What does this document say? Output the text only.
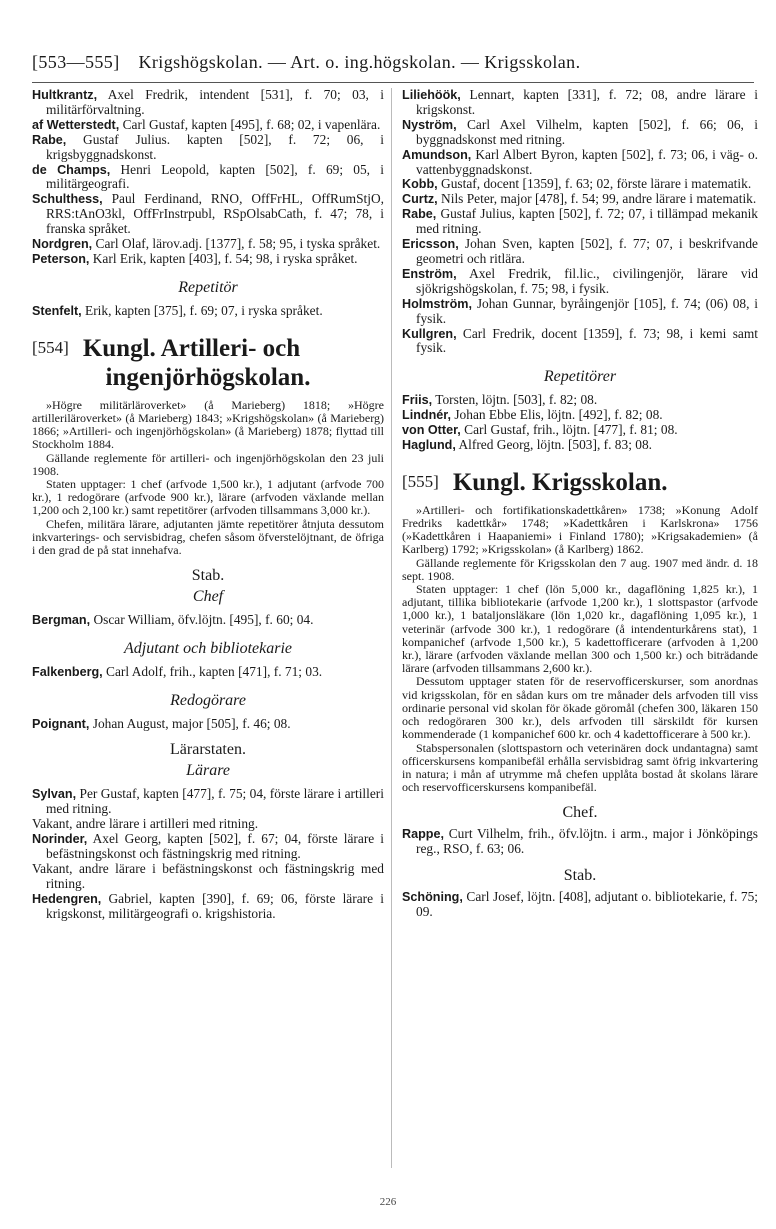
[553—555] Krigshögskolan. — Art. o. ing.högskolan. — Krigsskolan.

Hultkrantz, Axel Fredrik, intendent [531], f. 70; 03, i militärförvaltning.

af Wetterstedt, Carl Gustaf, kapten [495], f. 68; 02, i vapenlära.

Rabe, Gustaf Julius. kapten [502], f. 72; 06, i krigsbyggnadskonst.

de Champs, Henri Leopold, kapten [502], f. 69; 05, i militärgeografi.

Schulthess, Paul Ferdinand, RNO, OffFrHL, OffRumStjO, RRS:tAnO3kl, OffFrInstrpubl, RSpOlsabCath, f. 47; 78, i franska språket.

Nordgren, Carl Olaf, lärov.adj. [1377], f. 58; 95, i tyska språket.

Peterson, Karl Erik, kapten [403], f. 54; 98, i ryska språket.

Repetitör

Stenfelt, Erik, kapten [375], f. 69; 07, i ryska språket.

[554] Kungl. Artilleri- och
ingenjörhögskolan.

»Högre militärläroverket» (å Marieberg) 1818; »Högre artilleriläroverket» (å Marieberg) 1843; »Krigshögskolan» (å Marieberg) 1866; »Artilleri- och ingenjörhögskolan» (å Marieberg) 1878; flyttad till Stockholm 1884.

Gällande reglemente för artilleri- och ingenjörhögskolan den 23 juli 1908.

Staten upptager: 1 chef (arfvode 1,500 kr.), 1 adjutant (arfvode 700 kr.), 1 redogörare (arfvode 900 kr.), lärare (arfvoden växlande mellan 1,200 och 2,100 kr.) samt repetitörer (arfvoden tillsammans 3,000 kr.).

Chefen, militära lärare, adjutanten jämte repetitörer åtnjuta dessutom inkvarterings- och servisbidrag, chefen såsom öfverstelöjtnant, de öfriga i den grad de på stat innehafva.

Stab.
Chef

Bergman, Oscar William, öfv.löjtn. [495], f. 60; 04.

Adjutant och bibliotekarie

Falkenberg, Carl Adolf, frih., kapten [471], f. 71; 03.

Redogörare

Poignant, Johan August, major [505], f. 46; 08.

Lärarstaten.
Lärare

Sylvan, Per Gustaf, kapten [477], f. 75; 04, förste lärare i artilleri med ritning.

Vakant, andre lärare i artilleri med ritning.

Norinder, Axel Georg, kapten [502], f. 67; 04, förste lärare i befästningskonst och fästningskrig med ritning.

Vakant, andre lärare i befästningskonst och fästningskrig med ritning.

Hedengren, Gabriel, kapten [390], f. 69; 06, förste lärare i krigskonst, militärgeografi o. krigshistoria.

Liliehöök, Lennart, kapten [331], f. 72; 08, andre lärare i krigskonst.

Nyström, Carl Axel Vilhelm, kapten [502], f. 66; 06, i byggnadskonst med ritning.

Amundson, Karl Albert Byron, kapten [502], f. 73; 06, i väg- o. vattenbyggnadskonst.

Kobb, Gustaf, docent [1359], f. 63; 02, förste lärare i matematik.

Curtz, Nils Peter, major [478], f. 54; 99, andre lärare i matematik.

Rabe, Gustaf Julius, kapten [502], f. 72; 07, i tillämpad mekanik med ritning.

Ericsson, Johan Sven, kapten [502], f. 77; 07, i beskrifvande geometri och ritlära.

Enström, Axel Fredrik, fil.lic., civilingenjör, lärare vid sjökrigshögskolan, f. 75; 98, i fysik.

Holmström, Johan Gunnar, byråingenjör [105], f. 74; (06) 08, i fysik.

Kullgren, Carl Fredrik, docent [1359], f. 73; 98, i kemi samt fysik.

Repetitörer

Friis, Torsten, löjtn. [503], f. 82; 08.

Lindnér, Johan Ebbe Elis, löjtn. [492], f. 82; 08.

von Otter, Carl Gustaf, frih., löjtn. [477], f. 81; 08.

Haglund, Alfred Georg, löjtn. [503], f. 83; 08.

[555] Kungl. Krigsskolan.

»Artilleri- och fortifikationskadettkåren» 1738; »Konung Adolf Fredriks kadettkår» 1748; »Kadettkåren i Karlskrona» 1756 (»Kadettkåren i Haapaniemi» i Finland 1780); »Krigsakademien» (å Karlberg) 1792; »Krigsskolan» (å Karlberg) 1862.

Gällande reglemente för Krigsskolan den 7 aug. 1907 med ändr. d. 18 sept. 1908.

Staten upptager: 1 chef (lön 5,000 kr., dagaflöning 1,825 kr.), 1 adjutant, tillika bibliotekarie (arfvode 1,200 kr.), 1 slottspastor (arfvode 1,000 kr.), 1 bataljonsläkare (lön 1,020 kr., dagaflöning 1,095 kr.), 1 veterinär (arfvode 300 kr.), 1 redogörare (å intendenturkårens stat), 1 kompanichef (arfvode 1,500 kr.), 5 kadettofficerare (arfvoden à 1,200 kr.), lärare (arfvoden växlande mellan 300 och 1,500 kr.) och biträdande lärare (arfvoden tillsammans 2,600 kr.).

Dessutom upptager staten för de reservofficerskurser, som anordnas vid krigsskolan, för en sådan kurs om tre månader dels arfvoden till viss ordinarie personal vid skolan för ökade göromål (chefen 300, läkaren 150 och redogöraren 300 kr.), dels arfvoden till särskildt för kursen kommenderade (1 kompanichef 600 kr. och 4 kadettofficerare à 500 kr.).

Stabspersonalen (slottspastorn och veterinären dock undantagna) samt officerskursens kompanibefäl erhålla servisbidrag samt öfrig inkvartering in natura; i mån af utrymme må chefen upplåta bostad åt skolans lärare och reservofficerskursens kompanibefäl.

Chef.

Rappe, Curt Vilhelm, frih., öfv.löjtn. i arm., major i Jönköpings reg., RSO, f. 63; 06.

Stab.

Schöning, Carl Josef, löjtn. [408], adjutant o. bibliotekarie, f. 75; 09.

226
